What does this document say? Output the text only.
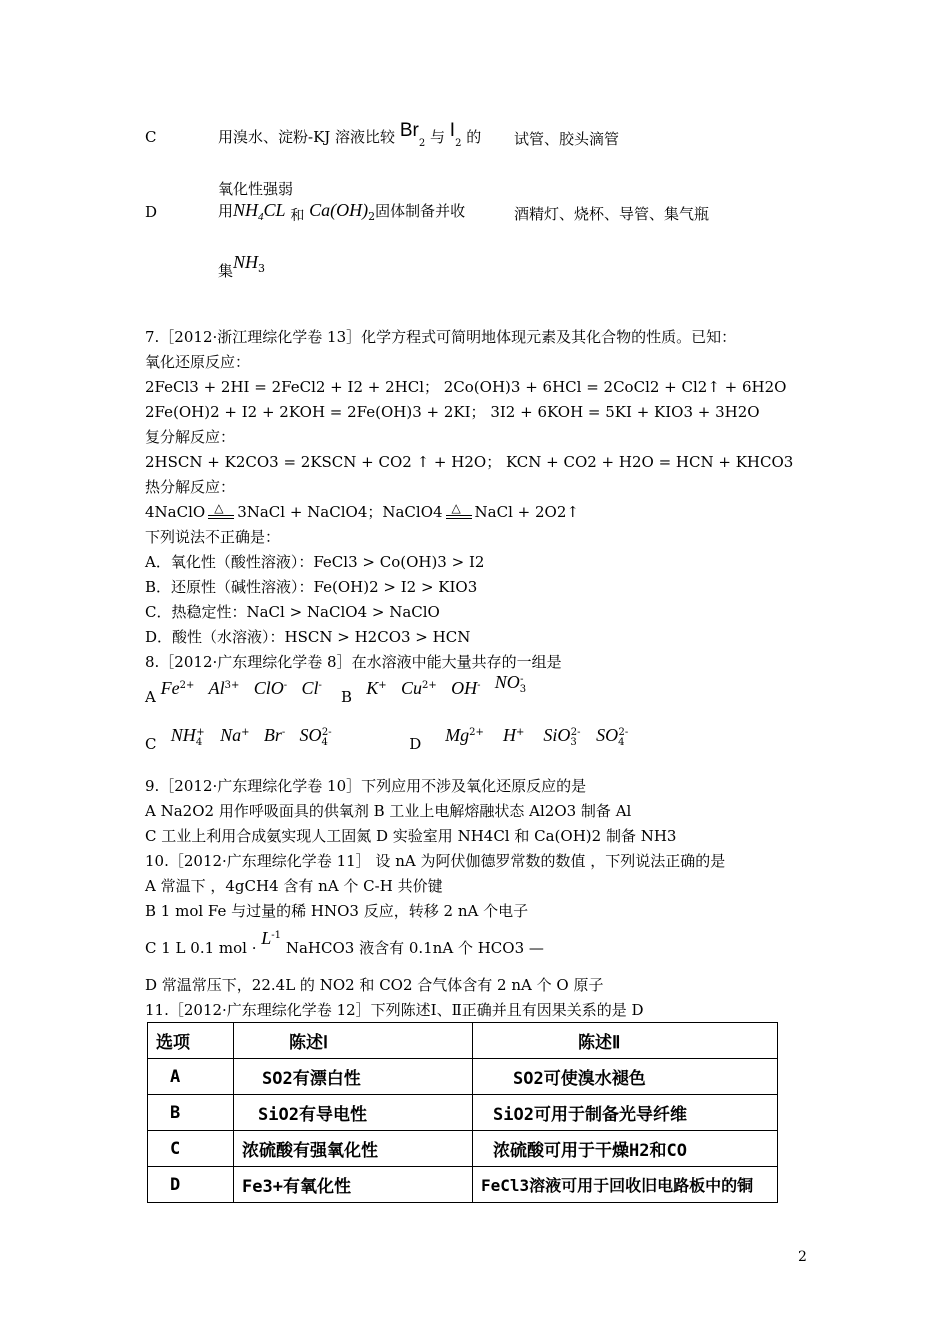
C	用溴水、淀粉-KJ 溶液比较 $Br_2$ 与 $I_2$ 的 试管、胶头滴管
氧化性强弱
D	用$NH_4CL$ 和 $Ca(OH)_2$固体制备并收	酒精灯、烧杯、导管、集气瓶
集$NH_3$
7.［2012·浙江理综化学卷 13］化学方程式可简明地体现元素及其化合物的性质。已知：
氧化还原反应：
2FeCl3 + 2HI = 2FeCl2 + I2 + 2HCl； 2Co(OH)3 + 6HCl = 2CoCl2 + Cl2↑ + 6H2O
2Fe(OH)2 + I2 + 2KOH = 2Fe(OH)3 + 2KI； 3I2 + 6KOH = 5KI + KIO3 + 3H2O
复分解反应：
2HSCN + K2CO3 = 2KSCN + CO2 ↑ + H2O； KCN + CO2 + H2O = HCN + KHCO3
热分解反应：
4NaClO △ 3NaCl + NaClO4；NaClO4 △ NaCl + 2O2↑
下列说法不正确是：
A．氧化性（酸性溶液）：FeCl3 > Co(OH)3 > I2
B．还原性（碱性溶液）：Fe(OH)2 > I2 > KIO3
C．热稳定性：NaCl > NaClO4 > NaClO
D．酸性（水溶液）：HSCN > H2CO3 > HCN
8.［2012·广东理综化学卷 8］在水溶液中能大量共存的一组是
A $Fe^{2+}$ $Al^{3+}$ ClO- Cl-    B K+ $Cu^{2+}$ OH- $NO_3^-$
C $NH_4^+$ Na+ Br- $SO_4^{2-}$  D $Mg^{2+}$ H+ SiO$_3^{2-}$ $SO_4^{2-}$
9.［2012·广东理综化学卷 10］下列应用不涉及氧化还原反应的是
A Na2O2 用作呼吸面具的供氧剂 B 工业上电解熔融状态 Al2O3 制备 Al
C 工业上利用合成氨实现人工固氮 D 实验室用 NH4Cl 和 Ca(OH)2 制备 NH3
10.［2012·广东理综化学卷 11］ 设 nA 为阿伏伽德罗常数的数值 ，下列说法正确的是
A 常温下 ，4gCH4 含有 nA 个 C-H 共价键
B 1 mol Fe 与过量的稀 HNO3 反应，转移 2 nA 个电子
C 1 L 0.1 mol · $L^{-1}$ NaHCO3 液含有 0.1nA 个 HCO3 —
D 常温常压下，22.4L 的 NO2 和 CO2 合气体含有 2 nA 个 O 原子
11.［2012·广东理综化学卷 12］下列陈述Ⅰ、Ⅱ正确并且有因果关系的是 D
选项	陈述Ⅰ	陈述Ⅱ
A	SO2有漂白性	SO2可使溴水褪色
B	SiO2有导电性	SiO2可用于制备光导纤维
C	浓硫酸有强氧化性	浓硫酸可用于干燥H2和CO
D	Fe3+有氧化性	FeCl3溶液可用于回收旧电路板中的铜
2
